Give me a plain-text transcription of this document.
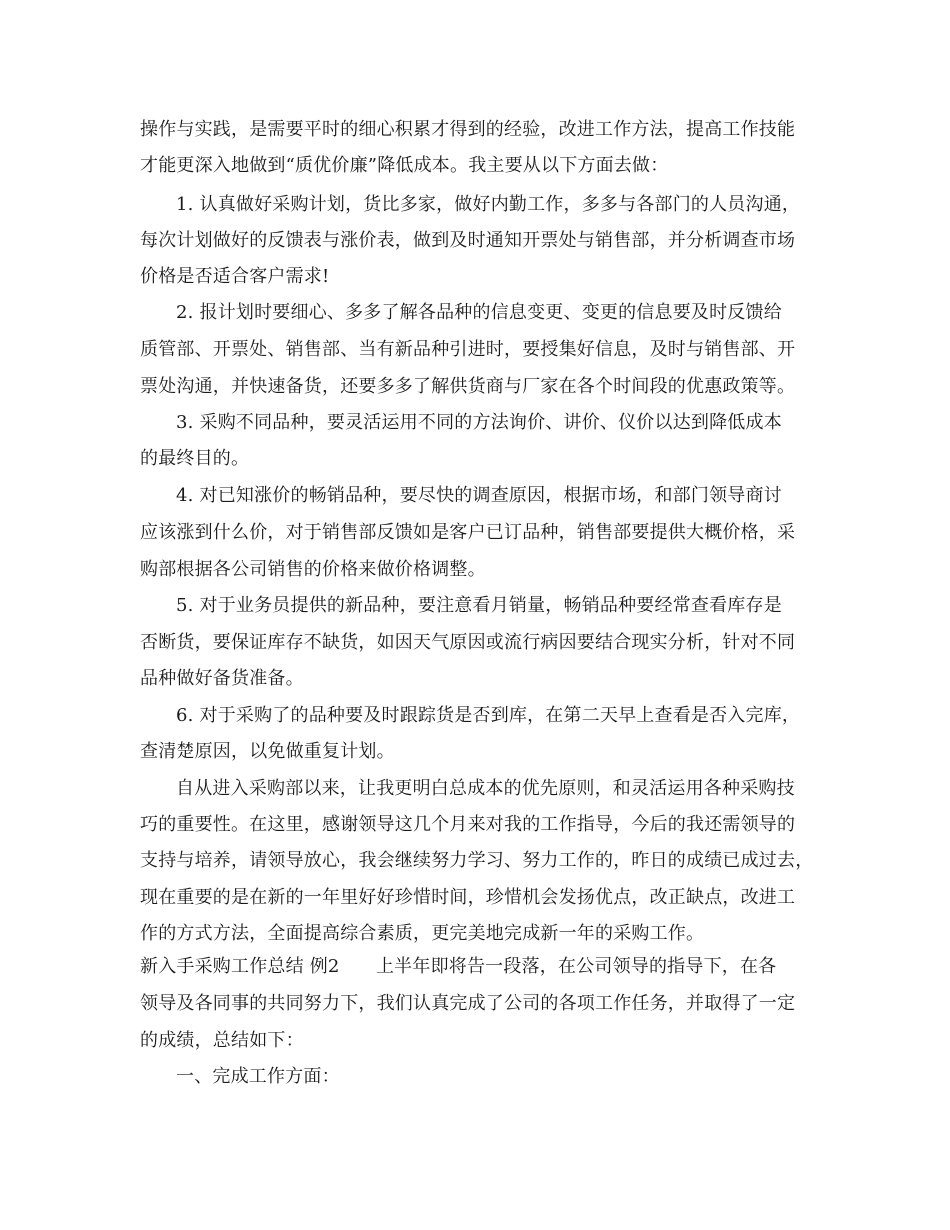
操作与实践，是需要平时的细心积累才得到的经验，改进工作方法，提高工作技能
才能更深入地做到“质优价廉”降低成本。我主要从以下方面去做：
1. 认真做好采购计划，货比多家，做好内勤工作，多多与各部门的人员沟通，
每次计划做好的反馈表与涨价表，做到及时通知开票处与销售部，并分析调查市场
价格是否适合客户需求!
2. 报计划时要细心、多多了解各品种的信息变更、变更的信息要及时反馈给
质管部、开票处、销售部、当有新品种引进时，要授集好信息，及时与销售部、开
票处沟通，并快速备货，还要多多了解供货商与厂家在各个时间段的优惠政策等。
3. 采购不同品种，要灵活运用不同的方法询价、讲价、仪价以达到降低成本
的最终目的。
4. 对已知涨价的畅销品种，要尽快的调查原因，根据市场，和部门领导商讨
应该涨到什么价，对于销售部反馈如是客户已订品种，销售部要提供大概价格，采
购部根据各公司销售的价格来做价格调整。
5. 对于业务员提供的新品种，要注意看月销量，畅销品种要经常查看库存是
否断货，要保证库存不缺货，如因天气原因或流行病因要结合现实分析，针对不同
品种做好备货准备。
6. 对于采购了的品种要及时跟踪货是否到库，在第二天早上查看是否入完库，
查清楚原因，以免做重复计划。
自从进入采购部以来，让我更明白总成本的优先原则，和灵活运用各种采购技
巧的重要性。在这里，感谢领导这几个月来对我的工作指导，今后的我还需领导的
支持与培养，请领导放心，我会继续努力学习、努力工作的，昨日的成绩已成过去，
现在重要的是在新的一年里好好珍惜时间，珍惜机会发扬优点，改正缺点，改进工
作的方式方法，全面提高综合素质，更完美地完成新一年的采购工作。
新入手采购工作总结 例2　　上半年即将告一段落，在公司领导的指导下，在各
领导及各同事的共同努力下，我们认真完成了公司的各项工作任务，并取得了一定
的成绩，总结如下：
一、完成工作方面：
